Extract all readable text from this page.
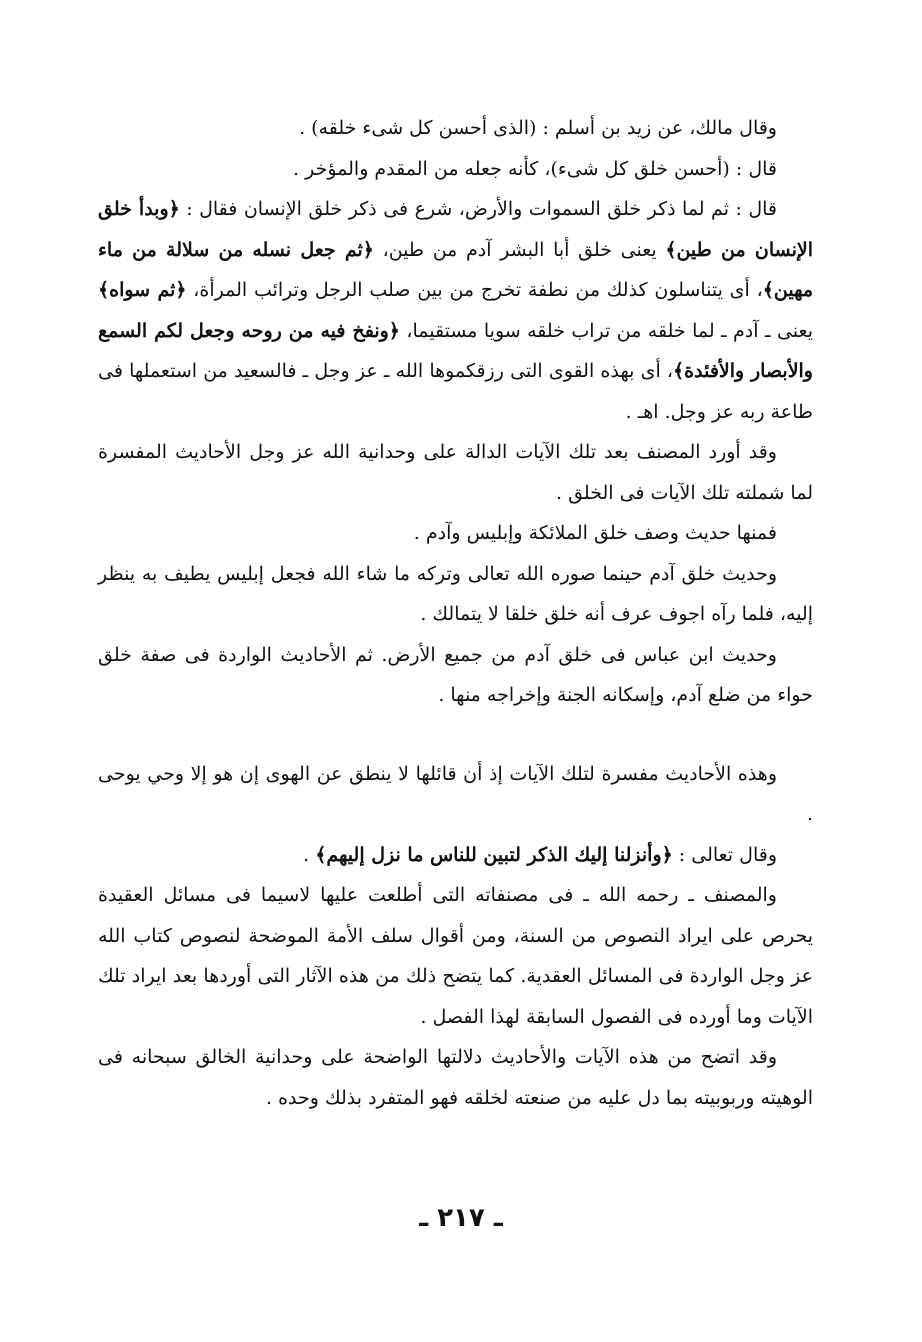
وقال مالك، عن زيد بن أسلم : (الذى أحسن كل شىء خلقه) .

قال : (أحسن خلق كل شىء)، كأنه جعله من المقدم والمؤخر .

قال : ثم لما ذكر خلق السموات والأرض، شرع فى ذكر خلق الإنسان فقال : ﴿وبدأ خلق الإنسان من طين﴾ يعنى خلق أبا البشر آدم من طين، ﴿ثم جعل نسله من سلالة من ماء مهين﴾، أى يتناسلون كذلك من نطفة تخرج من بين صلب الرجل وترائب المرأة، ﴿ثم سواه﴾ يعنى ـ آدم ـ لما خلقه من تراب خلقه سويا مستقيما، ﴿ونفخ فيه من روحه وجعل لكم السمع والأبصار والأفئدة﴾، أى بهذه القوى التى رزقكموها الله ـ عز وجل ـ فالسعيد من استعملها فى طاعة ربه عز وجل. اهـ .

وقد أورد المصنف بعد تلك الآيات الدالة على وحدانية الله عز وجل الأحاديث المفسرة لما شملته تلك الآيات فى الخلق .

فمنها حديث وصف خلق الملائكة وإبليس وآدم .

وحديث خلق آدم حينما صوره الله تعالى وتركه ما شاء الله فجعل إبليس يطيف به ينظر إليه، فلما رآه اجوف عرف أنه خلق خلقا لا يتمالك .

وحديث ابن عباس فى خلق آدم من جميع الأرض. ثم الأحاديث الواردة فى صفة خلق حواء من ضلع آدم، وإسكانه الجنة وإخراجه منها .

وهذه الأحاديث مفسرة لتلك الآيات إذ أن قائلها لا ينطق عن الهوى إن هو إلا وحي يوحى .

وقال تعالى : ﴿وأنزلنا إليك الذكر لتبين للناس ما نزل إليهم﴾ .

والمصنف ـ رحمه الله ـ فى مصنفاته التى أطلعت عليها لاسيما فى مسائل العقيدة يحرص على ايراد النصوص من السنة، ومن أقوال سلف الأمة الموضحة لنصوص كتاب الله عز وجل الواردة فى المسائل العقدية. كما يتضح ذلك من هذه الآثار التى أوردها بعد ايراد تلك الآيات وما أورده فى الفصول السابقة لهذا الفصل .

وقد اتضح من هذه الآيات والأحاديث دلالتها الواضحة على وحدانية الخالق سبحانه فى الوهيته وربوبيته بما دل عليه من صنعته لخلقه فهو المتفرد بذلك وحده .

ـ ٢١٧ ـ
